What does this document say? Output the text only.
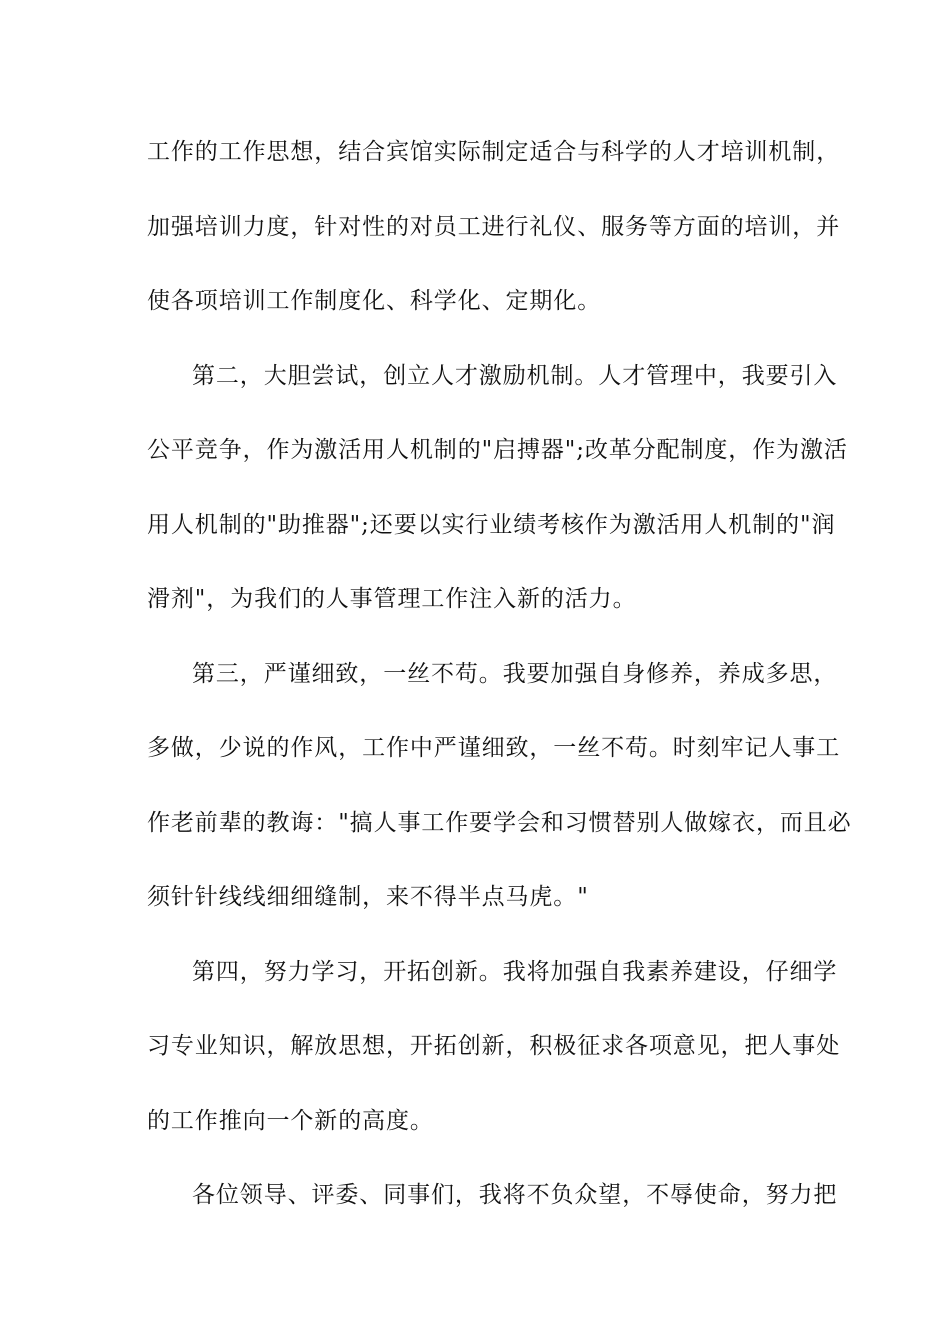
工作的工作思想，结合宾馆实际制定适合与科学的人才培训机制，
加强培训力度，针对性的对员工进行礼仪、服务等方面的培训，并
使各项培训工作制度化、科学化、定期化。
第二，大胆尝试，创立人才激励机制。人才管理中，我要引入
公平竞争，作为激活用人机制的"启搏器";改革分配制度，作为激活
用人机制的"助推器";还要以实行业绩考核作为激活用人机制的"润
滑剂"，为我们的人事管理工作注入新的活力。
第三，严谨细致，一丝不苟。我要加强自身修养，养成多思，
多做，少说的作风，工作中严谨细致，一丝不苟。时刻牢记人事工
作老前辈的教诲："搞人事工作要学会和习惯替别人做嫁衣，而且必
须针针线线细细缝制，来不得半点马虎。"
第四，努力学习，开拓创新。我将加强自我素养建设，仔细学
习专业知识，解放思想，开拓创新，积极征求各项意见，把人事处
的工作推向一个新的高度。
各位领导、评委、同事们，我将不负众望，不辱使命，努力把
